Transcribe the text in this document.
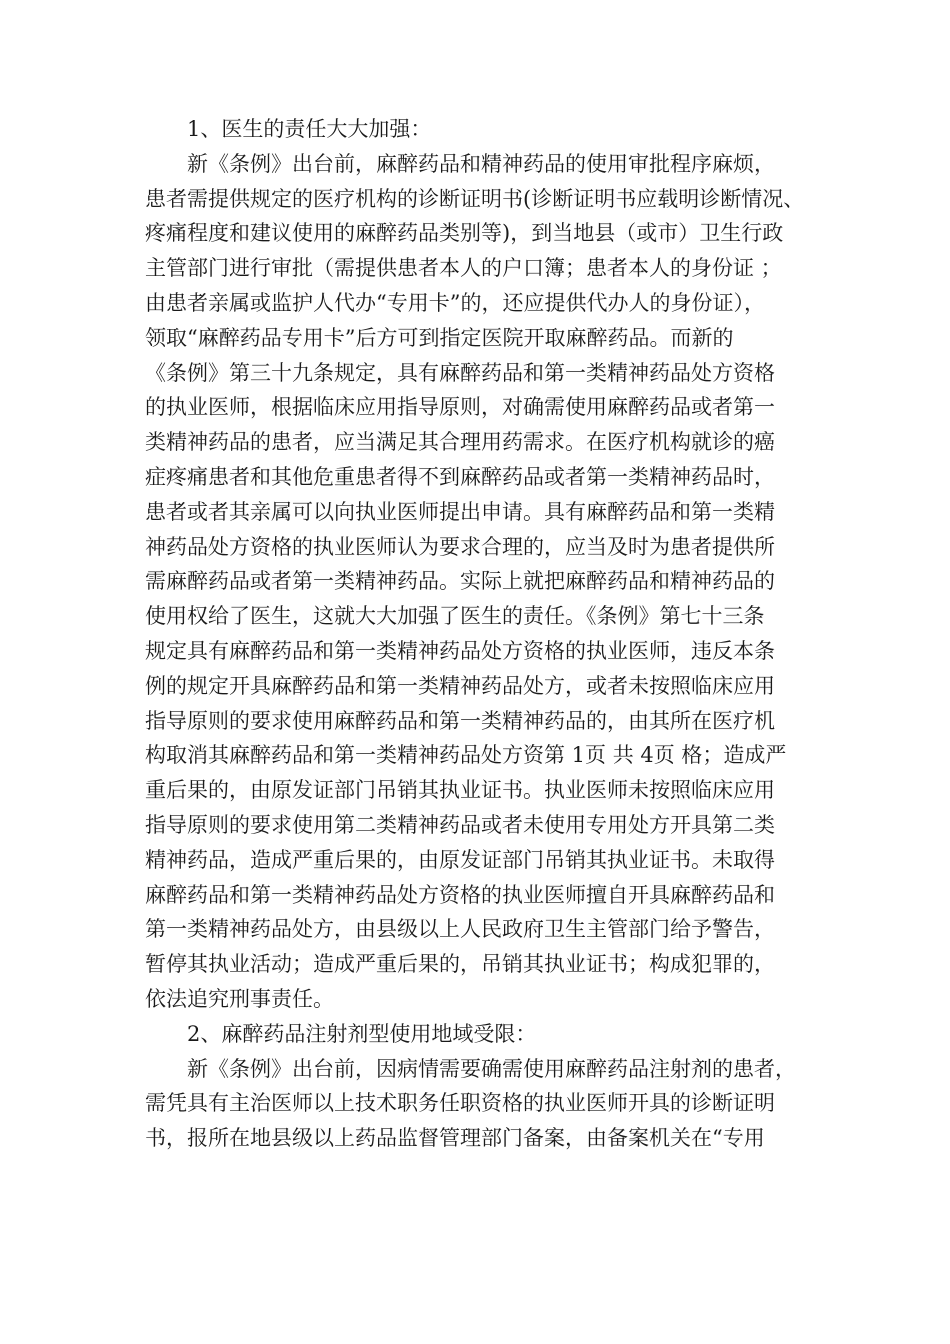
1、医生的责任大大加强：
新《条例》出台前，麻醉药品和精神药品的使用审批程序麻烦，
患者需提供规定的医疗机构的诊断证明书(诊断证明书应载明诊断情况、
疼痛程度和建议使用的麻醉药品类别等)，到当地县（或市）卫生行政
主管部门进行审批（需提供患者本人的户口簿；患者本人的身份证 ；
由患者亲属或监护人代办“专用卡”的，还应提供代办人的身份证），
领取“麻醉药品专用卡”后方可到指定医院开取麻醉药品。而新的
《条例》第三十九条规定，具有麻醉药品和第一类精神药品处方资格
的执业医师，根据临床应用指导原则，对确需使用麻醉药品或者第一
类精神药品的患者，应当满足其合理用药需求。在医疗机构就诊的癌
症疼痛患者和其他危重患者得不到麻醉药品或者第一类精神药品时，
患者或者其亲属可以向执业医师提出申请。具有麻醉药品和第一类精
神药品处方资格的执业医师认为要求合理的，应当及时为患者提供所
需麻醉药品或者第一类精神药品。实际上就把麻醉药品和精神药品的
使用权给了医生，这就大大加强了医生的责任。《条例》第七十三条
规定具有麻醉药品和第一类精神药品处方资格的执业医师，违反本条
例的规定开具麻醉药品和第一类精神药品处方，或者未按照临床应用
指导原则的要求使用麻醉药品和第一类精神药品的，由其所在医疗机
构取消其麻醉药品和第一类精神药品处方资第 1页 共 4页 格；造成严
重后果的，由原发证部门吊销其执业证书。执业医师未按照临床应用
指导原则的要求使用第二类精神药品或者未使用专用处方开具第二类
精神药品，造成严重后果的，由原发证部门吊销其执业证书。未取得
麻醉药品和第一类精神药品处方资格的执业医师擅自开具麻醉药品和
第一类精神药品处方，由县级以上人民政府卫生主管部门给予警告，
暂停其执业活动；造成严重后果的，吊销其执业证书；构成犯罪的，
依法追究刑事责任。
2、麻醉药品注射剂型使用地域受限：
新《条例》出台前，因病情需要确需使用麻醉药品注射剂的患者，
需凭具有主治医师以上技术职务任职资格的执业医师开具的诊断证明
书，报所在地县级以上药品监督管理部门备案，由备案机关在“专用
